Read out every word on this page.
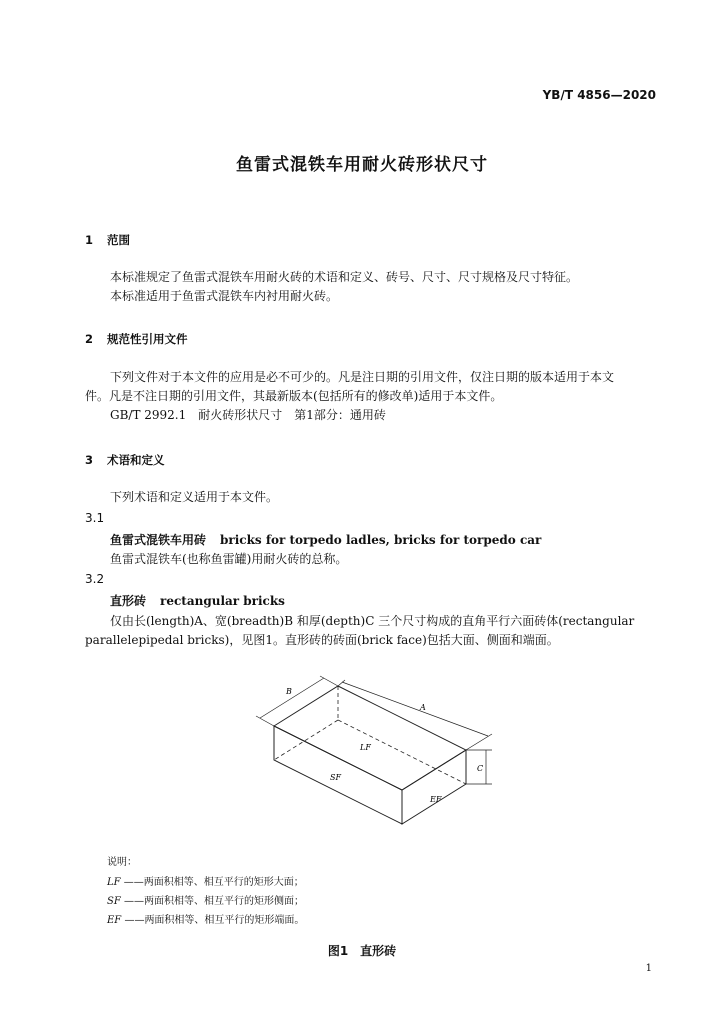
YB/T 4856—2020
鱼雷式混铁车用耐火砖形状尺寸
1 范围
本标准规定了鱼雷式混铁车用耐火砖的术语和定义、砖号、尺寸、尺寸规格及尺寸特征。
本标准适用于鱼雷式混铁车内衬用耐火砖。
2 规范性引用文件
下列文件对于本文件的应用是必不可少的。凡是注日期的引用文件，仅注日期的版本适用于本文
件。凡是不注日期的引用文件，其最新版本(包括所有的修改单)适用于本文件。
GB/T 2992.1　耐火砖形状尺寸　第1部分：通用砖
3 术语和定义
下列术语和定义适用于本文件。
3.1
鱼雷式混铁车用砖 bricks for torpedo ladles, bricks for torpedo car
鱼雷式混铁车(也称鱼雷罐)用耐火砖的总称。
3.2
直形砖 rectangular bricks
仅由长(length)A、宽(breadth)B 和厚(depth)C 三个尺寸构成的直角平行六面砖体(rectangular
parallelepipedal bricks)，见图1。直形砖的砖面(brick face)包括大面、侧面和端面。
B
A
C
LF
SF
EF
说明：
LF ——两面积相等、相互平行的矩形大面；
SF ——两面积相等、相互平行的矩形侧面；
EF ——两面积相等、相互平行的矩形端面。
图1　直形砖
1
